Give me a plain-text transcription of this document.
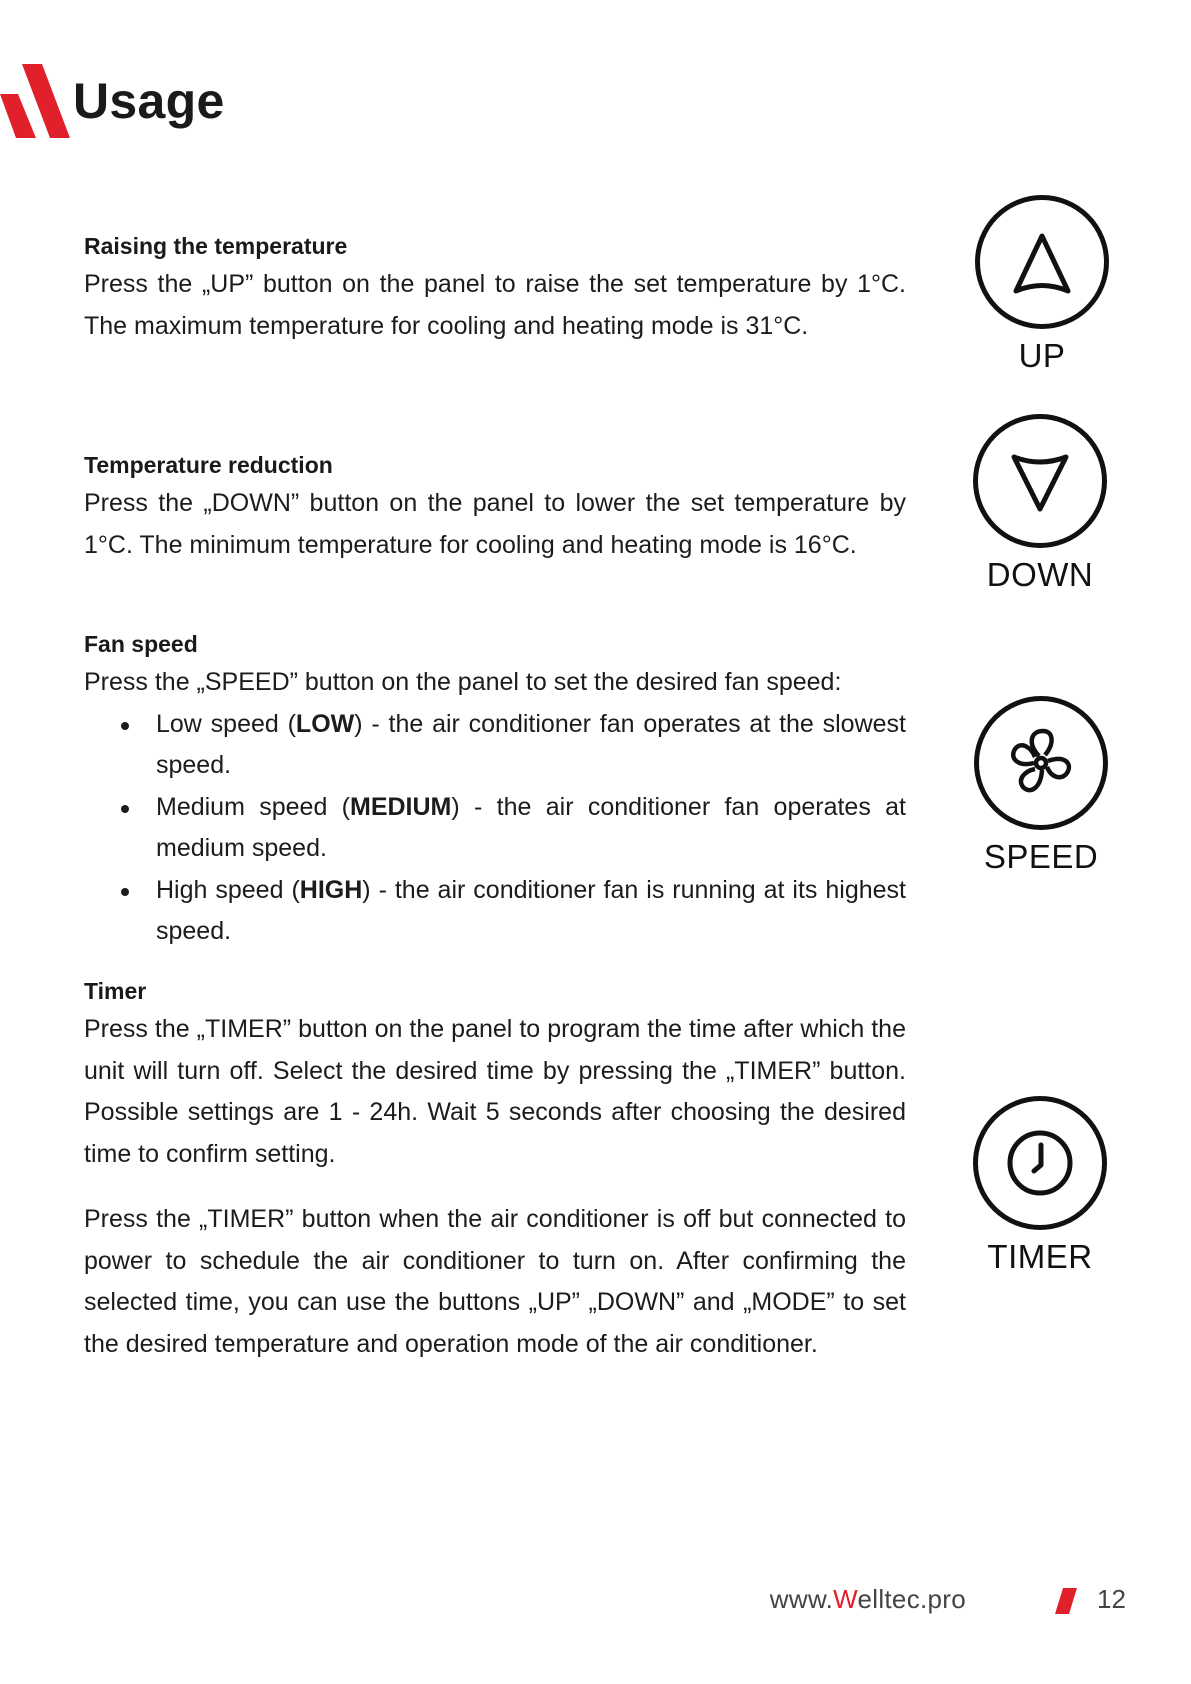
Usage
Raising the temperature

Press the „UP” button on the panel to raise the set temperature by 1°C. The maximum temperature for cooling and heating mode is 31°C.

Temperature reduction

Press the „DOWN” button on the panel to lower the set temperature by 1°C. The minimum temperature for cooling and heating mode is 16°C.

Fan speed

Press the „SPEED” button on the panel to set the desired fan speed:

Low speed (LOW) - the air conditioner fan operates at the slowest speed.
Medium speed (MEDIUM) - the air conditioner fan operates at medium speed.
High speed (HIGH) - the air conditioner fan is running at its highest speed.
Timer

Press the „TIMER” button on the panel to program the time after which the unit will turn off. Select the desired time by pressing the „TIMER” button. Possible settings are 1 - 24h. Wait 5 seconds after choosing the desired time to confirm setting.

Press the „TIMER” button when the air conditioner is off but connected to power to schedule the air conditioner to turn on. After confirming the selected time, you can use the buttons „UP” „DOWN” and „MODE” to set the desired temperature and operation mode of the air conditioner.

UP
DOWN
SPEED
TIMER
www.Welltec.pro	12
